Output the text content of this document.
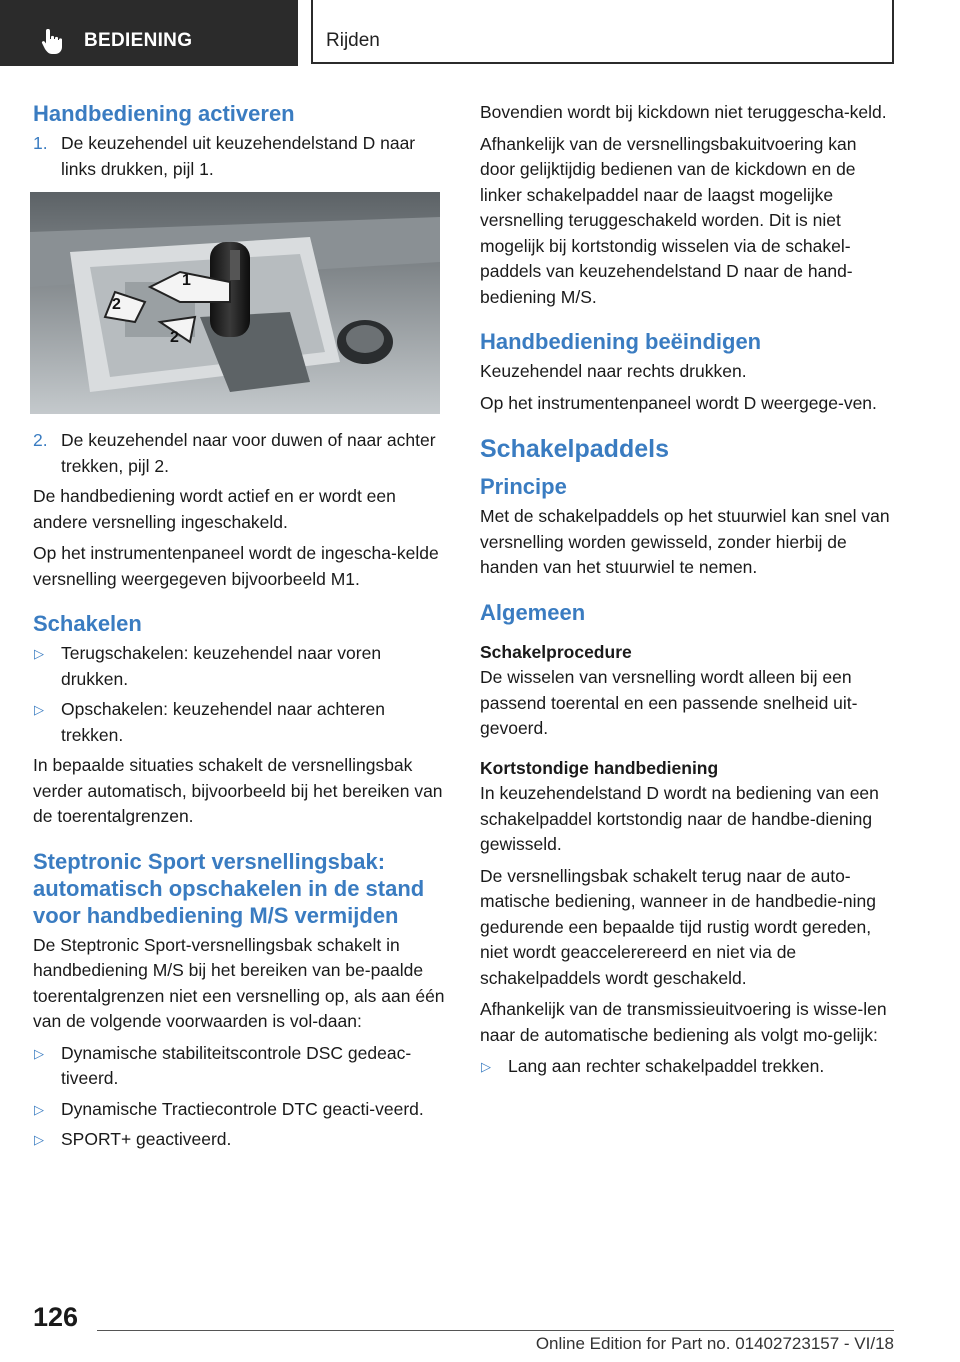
BEDIENING	Rijden
Handbediening activeren
1. De keuzehendel uit keuzehendelstand D naar links drukken, pijl 1.
1
2
2
2. De keuzehendel naar voor duwen of naar achter trekken, pijl 2.

De handbediening wordt actief en er wordt een andere versnelling ingeschakeld.

Op het instrumentenpaneel wordt de ingescha-kelde versnelling weergegeven bijvoorbeeld M1.

Schakelen
▷ Terugschakelen: keuzehendel naar voren drukken.
▷ Opschakelen: keuzehendel naar achteren trekken.

In bepaalde situaties schakelt de versnellingsbak verder automatisch, bijvoorbeeld bij het bereiken van de toerentalgrenzen.

Steptronic Sport versnellingsbak: automatisch opschakelen in de stand voor handbediening M/S vermijden

De Steptronic Sport-versnellingsbak schakelt in handbediening M/S bij het bereiken van be-paalde toerentalgrenzen niet een versnelling op, als aan één van de volgende voorwaarden is vol-daan:

▷ Dynamische stabiliteitscontrole DSC gedeac-tiveerd.
▷ Dynamische Tractiecontrole DTC geacti-veerd.
▷ SPORT+ geactiveerd.

Bovendien wordt bij kickdown niet teruggescha-keld.

Afhankelijk van de versnellingsbakuitvoering kan door gelijktijdig bedienen van de kickdown en de linker schakelpaddel naar de laagst mogelijke versnelling teruggeschakeld worden. Dit is niet mogelijk bij kortstondig wisselen via de schakel-paddels van keuzehendelstand D naar de hand-bediening M/S.

Handbediening beëindigen

Keuzehendel naar rechts drukken.

Op het instrumentenpaneel wordt D weergege-ven.

Schakelpaddels
Principe

Met de schakelpaddels op het stuurwiel kan snel van versnelling worden gewisseld, zonder hierbij de handen van het stuurwiel te nemen.

Algemeen
Schakelprocedure

De wisselen van versnelling wordt alleen bij een passend toerental en een passende snelheid uit-gevoerd.

Kortstondige handbediening

In keuzehendelstand D wordt na bediening van een schakelpaddel kortstondig naar de handbe-diening gewisseld.

De versnellingsbak schakelt terug naar de auto-matische bediening, wanneer in de handbedie-ning gedurende een bepaalde tijd rustig wordt gereden, niet wordt geaccelerereerd en niet via de schakelpaddels wordt geschakeld.

Afhankelijk van de transmissieuitvoering is wisse-len naar de automatische bediening als volgt mo-gelijk:

▷ Lang aan rechter schakelpaddel trekken.
126
Online Edition for Part no. 01402723157 - VI/18
